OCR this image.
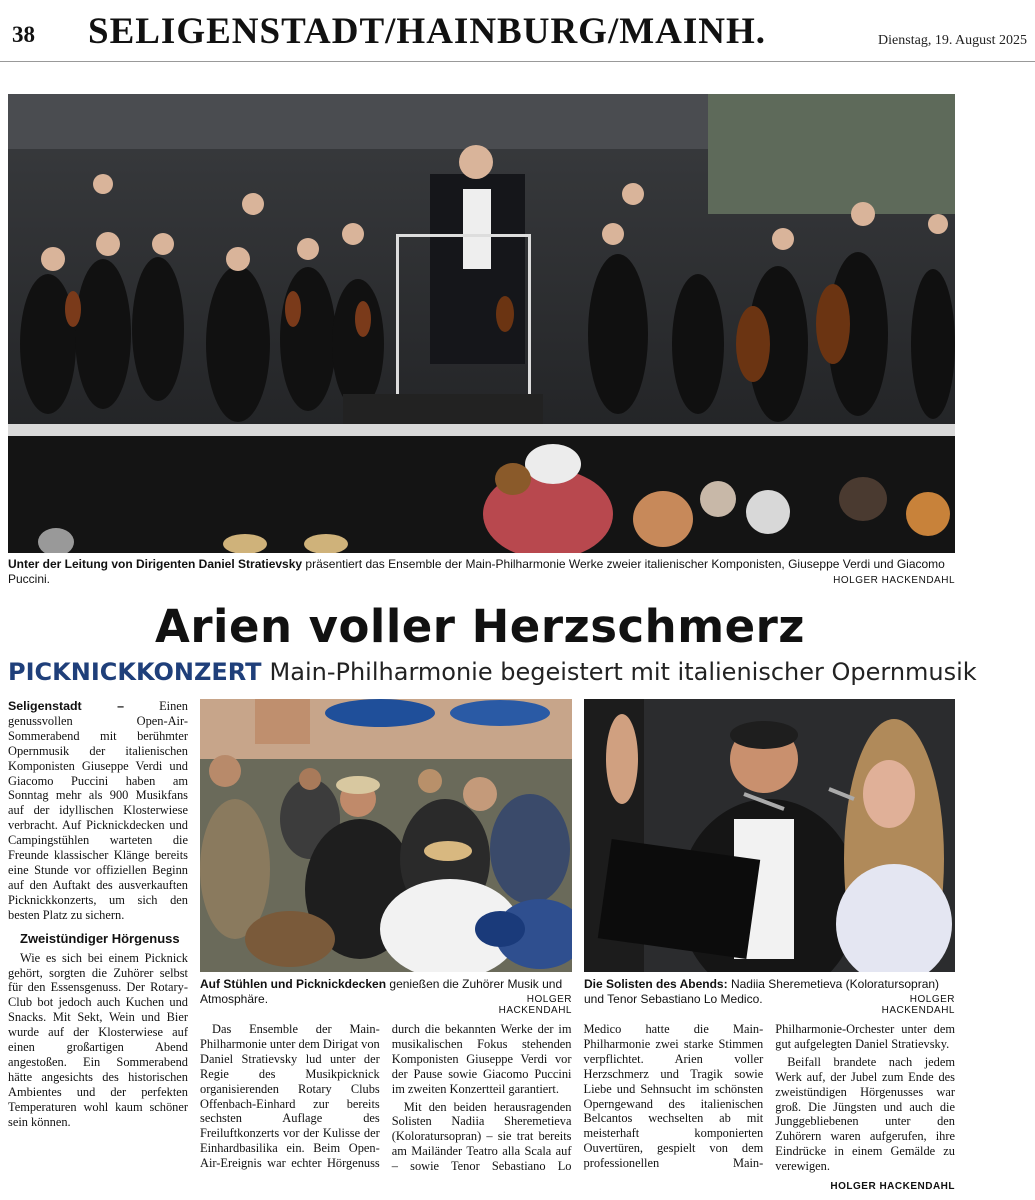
38 SELIGENSTADT/HAINBURG/MAINH.	Dienstag, 19. August 2025
Unter der Leitung von Dirigenten Daniel Stratievsky präsentiert das Ensemble der Main-Philharmonie Werke zweier italienischer Komponisten, Giuseppe Verdi und Giacomo Puccini.	HOLGER HACKENDAHL
Arien voller Herzschmerz
PICKNICKKONZERT Main-Philharmonie begeistert mit italienischer Opernmusik
Auf Stühlen und Picknickdecken genießen die Zuhörer Musik und Atmosphäre.	HOLGER HACKENDAHL
Die Solisten des Abends: Nadiia Sheremetieva (Koloratursopran) und Tenor Sebastiano Lo Medico.	HOLGER HACKENDAHL

Seligenstadt –	Einen genussvollen Open-Air-Sommerabend mit berühmter Opernmusik der italienischen Komponisten Giuseppe Verdi und Giacomo Puccini haben am Sonntag mehr als 900 Musikfans auf der idyllischen Klosterwiese verbracht. Auf Picknickdecken und Campingstühlen warteten die Freunde klassischer Klänge bereits eine Stunde vor offiziellen Beginn auf den Auftakt des ausverkauften Picknickkonzerts, um sich den besten Platz zu sichern.

Zweistündiger Hörgenuss

Wie es sich bei einem Picknick gehört, sorgten die Zuhörer selbst für den Essensgenuss. Der Rotary-Club bot jedoch auch Kuchen und Snacks. Mit Sekt, Wein und Bier wurde auf der Klosterwiese auf einen großartigen Abend angestoßen. Ein Sommerabend hätte angesichts des historischen Ambientes und der perfekten Temperaturen wohl kaum schöner sein können.

Das Ensemble der Main-Philharmonie unter dem Dirigat von Daniel Stratievsky lud unter der Regie des Musikpicknick organisierenden Rotary Clubs Offenbach-Einhard zur bereits sechsten Auflage des Freiluftkonzerts vor der Kulisse der Einhardbasilika ein. Beim Open-Air-Ereignis war echter Hörgenuss durch die bekannten Werke der im musikalischen Fokus stehenden Komponisten Giuseppe Verdi vor der Pause sowie Giacomo Puccini im zweiten Konzertteil garantiert.

Mit den beiden herausragenden Solisten Nadiia Sheremetieva (Koloratursopran) – sie trat bereits am Mailänder Teatro alla Scala auf – sowie Tenor Sebastiano Lo Medico hatte die Main-Philharmonie zwei starke Stimmen verpflichtet. Arien voller Herzschmerz und Tragik sowie Liebe und Sehnsucht im schönsten Operngewand des italienischen Belcantos wechselten ab mit meisterhaft komponierten Ouvertüren, gespielt von dem professionellen Main-Philharmonie-Orchester unter dem gut aufgelegten Daniel Stratievsky.

Beifall brandete nach jedem Werk auf, der Jubel zum Ende des zweistündigen Hörgenusses war groß. Die Jüngsten und auch die Junggebliebenen unter den Zuhörern waren aufgerufen, ihre Eindrücke in einem Gemälde zu verewigen.

HOLGER HACKENDAHL
